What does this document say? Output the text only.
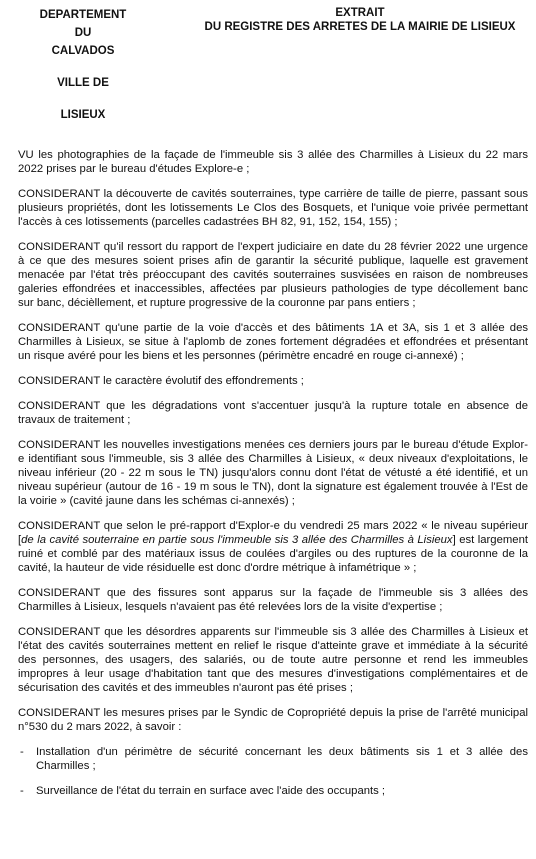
DEPARTEMENT
DU
CALVADOS
VILLE DE
LISIEUX
EXTRAIT
DU REGISTRE DES ARRETES DE LA MAIRIE DE LISIEUX

VU les photographies de la façade de l'immeuble sis 3 allée des Charmilles à Lisieux du 22 mars 2022 prises par le bureau d'études Explore-e ;

CONSIDERANT la découverte de cavités souterraines, type carrière de taille de pierre, passant sous plusieurs propriétés, dont les lotissements Le Clos des Bosquets, et l'unique voie privée permettant l'accès à ces lotissements (parcelles cadastrées BH 82, 91, 152, 154, 155) ;

CONSIDERANT qu'il ressort du rapport de l'expert judiciaire en date du 28 février 2022 une urgence à ce que des mesures soient prises afin de garantir la sécurité publique, laquelle est gravement menacée par l'état très préoccupant des cavités souterraines susvisées en raison de nombreuses galeries effondrées et inaccessibles, affectées par plusieurs pathologies de type décollement banc sur banc, décièllement, et rupture progressive de la couronne par pans entiers ;

CONSIDERANT qu'une partie de la voie d'accès et des bâtiments 1A et 3A, sis 1 et 3 allée des Charmilles à Lisieux, se situe à l'aplomb de zones fortement dégradées et effondrées et présentant un risque avéré pour les biens et les personnes (périmètre encadré en rouge ci-annexé) ;

CONSIDERANT le caractère évolutif des effondrements ;

CONSIDERANT que les dégradations vont s'accentuer jusqu'à la rupture totale en absence de travaux de traitement ;

CONSIDERANT les nouvelles investigations menées ces derniers jours par le bureau d'étude Explor-e identifiant sous l'immeuble, sis 3 allée des Charmilles à Lisieux, « deux niveaux d'exploitations, le niveau inférieur (20 - 22 m sous le TN) jusqu'alors connu dont l'état de vétusté a été identifié, et un niveau supérieur (autour de 16 - 19 m sous le TN), dont la signature est également trouvée à l'Est de la voirie » (cavité jaune dans les schémas ci-annexés) ;

CONSIDERANT que selon le pré-rapport d'Explor-e du vendredi 25 mars 2022 « le niveau supérieur [de la cavité souterraine en partie sous l'immeuble sis 3 allée des Charmilles à Lisieux] est largement ruiné et comblé par des matériaux issus de coulées d'argiles ou des ruptures de la couronne de la cavité, la hauteur de vide résiduelle est donc d'ordre métrique à infamétrique » ;

CONSIDERANT que des fissures sont apparus sur la façade de l'immeuble sis 3 allées des Charmilles à Lisieux, lesquels n'avaient pas été relevées lors de la visite d'expertise ;

CONSIDERANT que les désordres apparents sur l'immeuble sis 3 allée des Charmilles à Lisieux et l'état des cavités souterraines mettent en relief le risque d'atteinte grave et immédiate à la sécurité des personnes, des usagers, des salariés, ou de toute autre personne et rend les immeubles impropres à leur usage d'habitation tant que des mesures d'investigations complémentaires et de sécurisation des cavités et des immeubles n'auront pas été prises ;

CONSIDERANT les mesures prises par le Syndic de Copropriété depuis la prise de l'arrêté municipal n°530 du 2 mars 2022, à savoir :

- Installation d'un périmètre de sécurité concernant les deux bâtiments sis 1 et 3 allée des Charmilles ;
- Surveillance de l'état du terrain en surface avec l'aide des occupants ;
